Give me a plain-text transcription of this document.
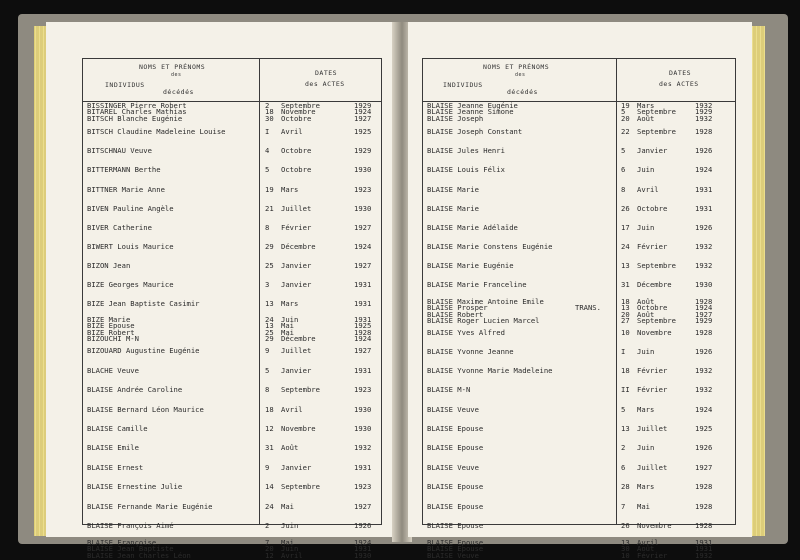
NOMS ET PRÉNOMS
des
INDIVIDUS
décédés
DATES
des ACTES
BISSINGER Pierre Robert	2 Septembre	1929
BITAREL Charles Mathias	18 Novembre	1924
BITSCH Blanche Eugénie	30 Octobre	1927
BITSCH Claudine Madeleine Louise	I Avril	1925
BITSCHNAU Veuve	4 Octobre	1929
BITTERMANN Berthe	5 Octobre	1930
BITTNER Marie Anne	19 Mars	1923
BIVEN Pauline Angèle	21 Juillet	1930
BIVER Catherine	8 Février	1927
BIWERT Louis Maurice	29 Décembre	1924
BIZON Jean	25 Janvier	1927
BIZE Georges Maurice	3 Janvier	1931
BIZE Jean Baptiste Casimir	13 Mars	1931
BIZE Marie	24 Juin	1931
BIZE Epouse	13 Mai	1925
BIZE Robert	25 Mai	1928
BIZOUCHI M-N	29 Décembre	1924
BIZOUARD Augustine Eugénie	9 Juillet	1927
BLACHE Veuve	5 Janvier	1931
BLAISE Andrée Caroline	8 Septembre	1923
BLAISE Bernard Léon Maurice	18 Avril	1930
BLAISE Camille	12 Novembre	1930
BLAISE Emile	31 Août	1932
BLAISE Ernest	9 Janvier	1931
BLAISE Ernestine Julie	14 Septembre	1923
BLAISE Fernande Marie Eugénie	24 Mai	1927
BLAISE François Aimé	2 Juin	1926
BLAISE Françoise	7 Mai	1924
BLAISE Jean Baptiste	20 Juin	1931
BLAISE Jean Charles Léon	12 Avril	1930
NOMS ET PRÉNOMS
des
INDIVIDUS
décédés
DATES
des ACTES
BLAISE Jeanne Eugénie	19 Mars	1932
BLAISE Jeanne Simone	5 Septembre	1929
BLAISE Joseph	20 Août	1932
BLAISE Joseph Constant	22 Septembre	1928
BLAISE Jules Henri	5 Janvier	1926
BLAISE Louis Félix	6 Juin	1924
BLAISE Marie	8 Avril	1931
BLAISE Marie	26 Octobre	1931
BLAISE Marie Adélaïde	17 Juin	1926
BLAISE Marie Constens Eugénie	24 Février	1932
BLAISE Marie Eugénie	13 Septembre	1932
BLAISE Marie Franceline	31 Décembre	1930
BLAISE Maxime Antoine Emile	18 Août	1928
BLAISE Prosper	TRANS.	13 Octobre	1924
BLAISE Robert	20 Août	1927
BLAISE Roger Lucien Marcel	27 Septembre	1929
BLAISE Yves Alfred	10 Novembre	1928
BLAISE Yvonne Jeanne	I Juin	1926
BLAISE Yvonne Marie Madeleine	18 Février	1932
BLAISE M-N	II Février	1932
BLAISE Veuve	5 Mars	1924
BLAISE Epouse	13 Juillet	1925
BLAISE Epouse	2 Juin	1926
BLAISE Veuve	6 Juillet	1927
BLAISE Epouse	28 Mars	1928
BLAISE Epouse	7 Mai	1928
BLAISE Epouse	26 Novembre	1928
BLAISE Epouse	13 Avril	1931
BLAISE Epouse	30 Août	1931
BLAISE Veuve	10 Février	1932
